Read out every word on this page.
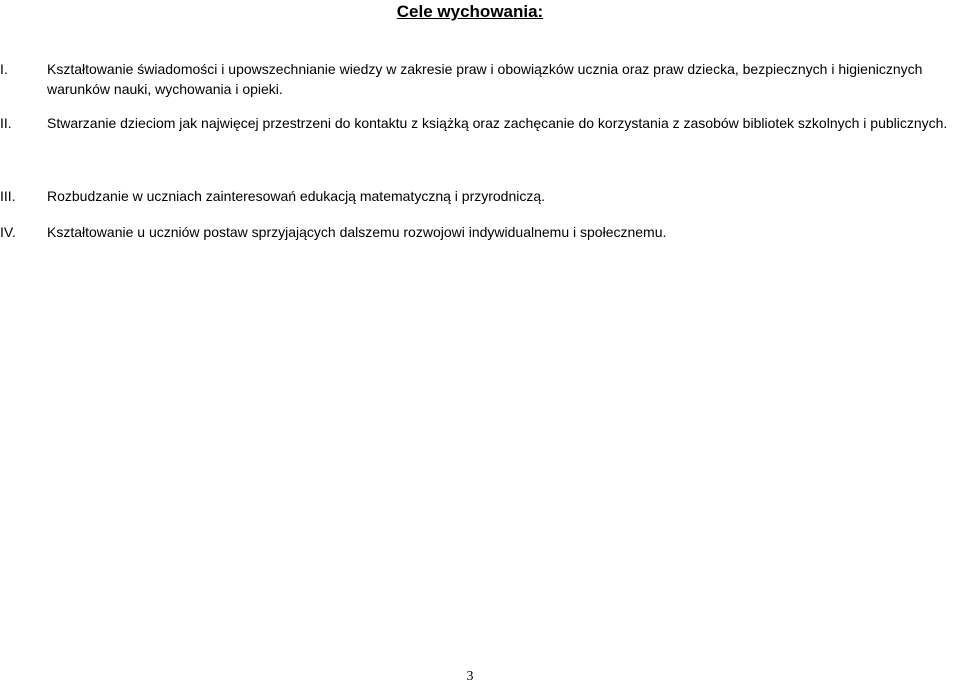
Cele wychowania:
I.	Kształtowanie świadomości i upowszechnianie wiedzy w zakresie praw i obowiązków ucznia oraz praw dziecka, bezpiecznych i higienicznych warunków nauki, wychowania i opieki.
II.	Stwarzanie dzieciom jak najwięcej przestrzeni do kontaktu z książką oraz zachęcanie do korzystania z zasobów bibliotek szkolnych i publicznych.
III.	Rozbudzanie w uczniach zainteresowań edukacją matematyczną i przyrodniczą.
IV.	Kształtowanie u uczniów postaw sprzyjających dalszemu rozwojowi indywidualnemu i społecznemu.
3
